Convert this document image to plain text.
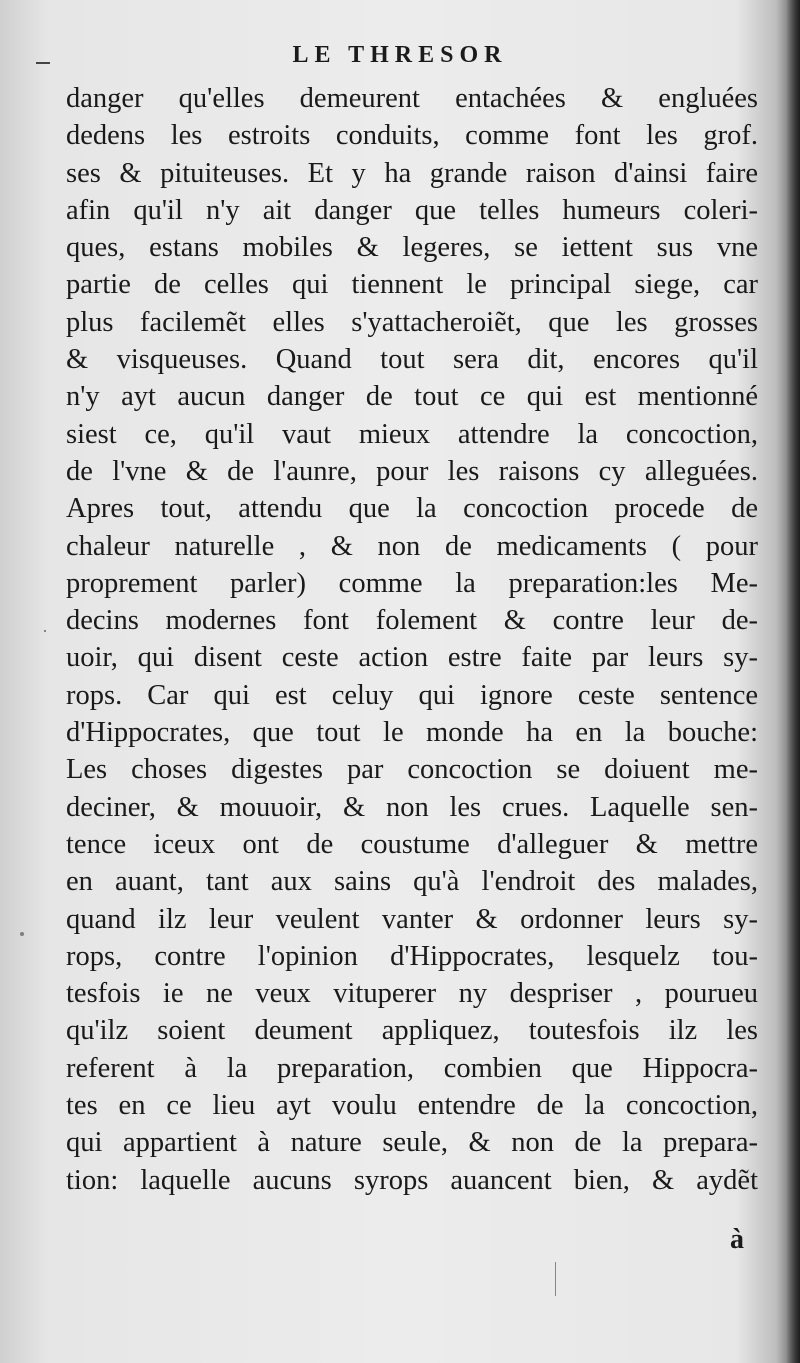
LE THRESOR
danger qu'elles demeurent entachées & engluées
dedens les estroits conduits, comme font les grof.
ses & pituiteuses. Et y ha grande raison d'ainsi faire
afin qu'il n'y ait danger que telles humeurs coleri-
ques, estans mobiles & legeres, se iettent sus vne
partie de celles qui tiennent le principal siege, car
plus facilemẽt elles s'yattacheroiẽt, que les grosses
& visqueuses. Quand tout sera dit, encores qu'il
n'y ayt aucun danger de tout ce qui est mentionné
siest ce, qu'il vaut mieux attendre la concoction,
de l'vne & de l'aunre, pour les raisons cy alleguées.
Apres tout, attendu que la concoction procede de
chaleur naturelle , & non de medicaments ( pour
proprement parler) comme la preparation:les Me-
decins modernes font folement & contre leur de-
uoir, qui disent ceste action estre faite par leurs sy-
rops. Car qui est celuy qui ignore ceste sentence
d'Hippocrates, que tout le monde ha en la bouche:
Les choses digestes par concoction se doiuent me-
deciner, & mouuoir, & non les crues. Laquelle sen-
tence iceux ont de coustume d'alleguer & mettre
en auant, tant aux sains qu'à l'endroit des malades,
quand ilz leur veulent vanter & ordonner leurs sy-
rops, contre l'opinion d'Hippocrates, lesquelz tou-
tesfois ie ne veux vituperer ny despriser , pourueu
qu'ilz soient deument appliquez, toutesfois ilz les
referent à la preparation, combien que Hippocra-
tes en ce lieu ayt voulu entendre de la concoction,
qui appartient à nature seule, & non de la prepara-
tion: laquelle aucuns syrops auancent bien, & aydẽt
à
